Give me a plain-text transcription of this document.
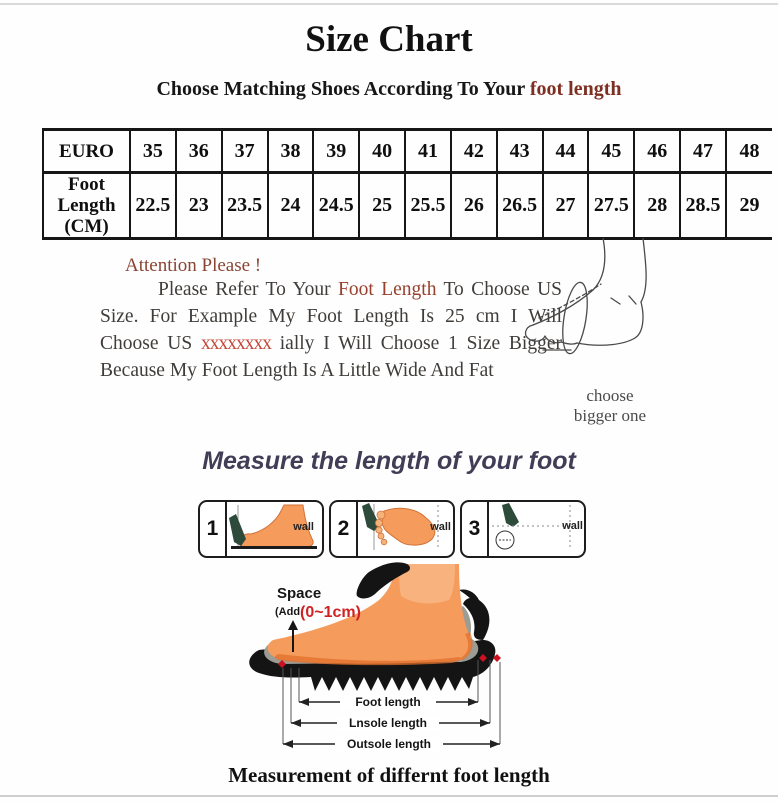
Size Chart
Choose Matching Shoes According To Your foot length
EURO	35	36	37	38	39	40	41	42	43	44	45	46	47	48
Foot Length (CM)	22.5	23	23.5	24	24.5	25	25.5	26	26.5	27	27.5	28	28.5	29
Attention Please !

Please Refer To Your Foot Length To Choose US Size. For Example My Foot Length Is 25 cm I Will Choose US xxxxxxxx ially I Will Choose 1 Size Bigger Because My Foot Length Is A Little Wide And Fat

choose
bigger one
Measure the length of your foot
1	wall	2	wall 3	wall
Space
(Add (0~1cm)
Foot length
Lnsole length
Outsole length
Measurement of differnt foot length
